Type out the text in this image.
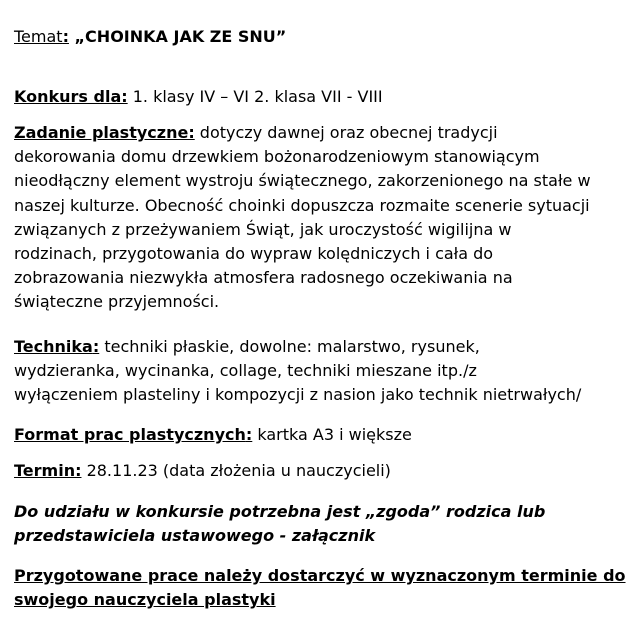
Temat: „CHOINKA JAK ZE SNU”
Konkurs dla: 1. klasy IV – VI 2. klasa VII - VIII
Zadanie plastyczne: dotyczy dawnej oraz obecnej tradycji
dekorowania domu drzewkiem bożonarodzeniowym stanowiącym
nieodłączny element wystroju świątecznego, zakorzenionego na stałe w
naszej kulturze. Obecność choinki dopuszcza rozmaite scenerie sytuacji
związanych z przeżywaniem Świąt, jak uroczystość wigilijna w
rodzinach, przygotowania do wypraw kolędniczych i cała do
zobrazowania niezwykła atmosfera radosnego oczekiwania na
świąteczne przyjemności.
Technika: techniki płaskie, dowolne: malarstwo, rysunek,
wydzieranka, wycinanka, collage, techniki mieszane itp./z
wyłączeniem plasteliny i kompozycji z nasion jako technik nietrwałych/
Format prac plastycznych: kartka A3 i większe
Termin: 28.11.23 (data złożenia u nauczycieli)
Do udziału w konkursie potrzebna jest „zgoda” rodzica lub
przedstawiciela ustawowego - załącznik
Przygotowane prace należy dostarczyć w wyznaczonym terminie do
swojego nauczyciela plastyki
